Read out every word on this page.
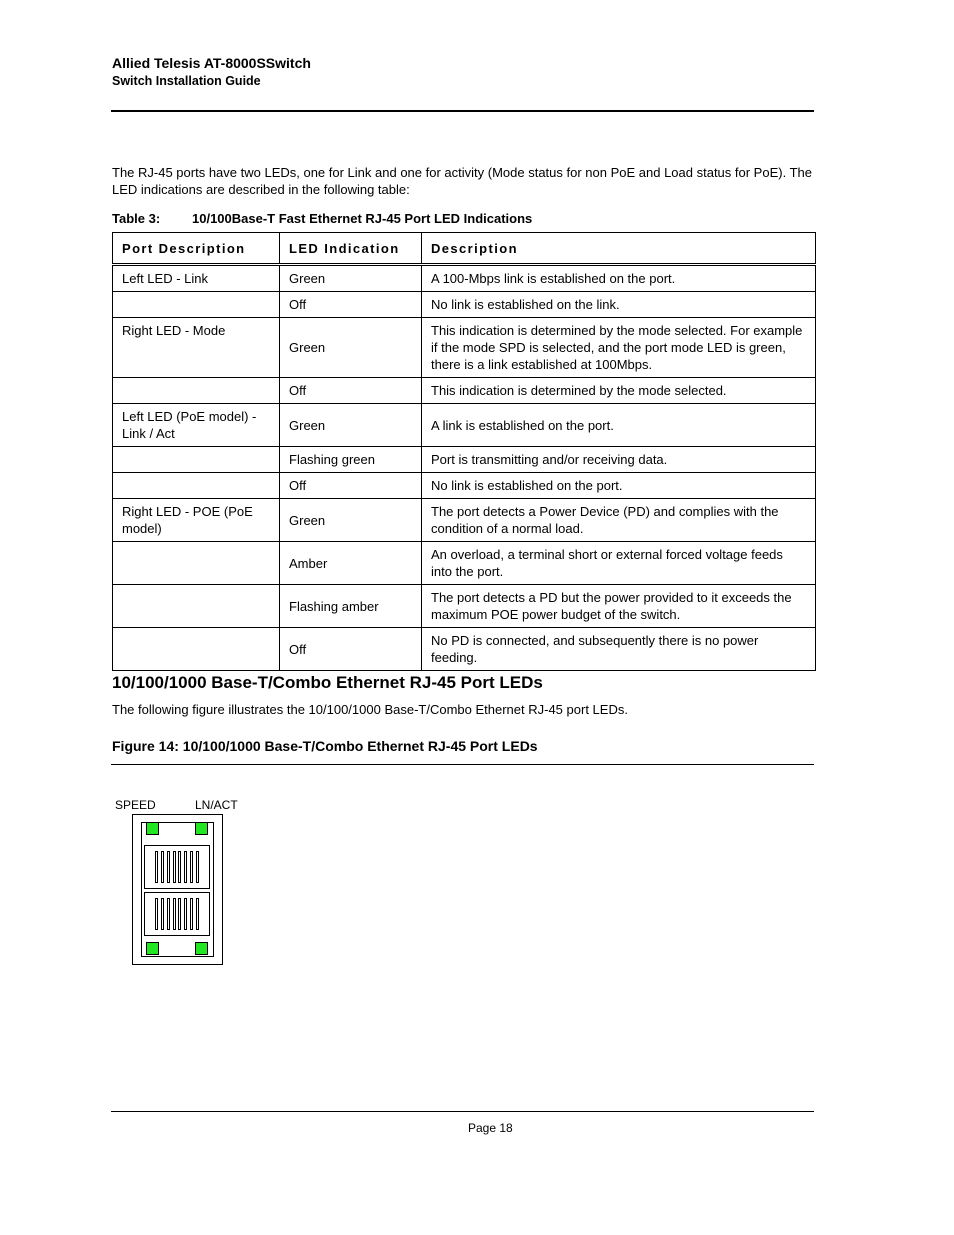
Allied Telesis AT-8000SSwitch
Switch Installation Guide
The RJ-45 ports have two LEDs, one for Link and one for activity (Mode status for non PoE and Load status for PoE). The LED indications are described in the following table:
Table 3: 10/100Base-T Fast Ethernet RJ-45 Port LED Indications
Port Description	LED Indication	Description
Left LED - Link	Green	A 100-Mbps link is established on the port.
	Off	No link is established on the link.
Right LED - Mode	Green	This indication is determined by the mode selected. For example if the mode SPD is selected, and the port mode LED is green, there is a link established at 100Mbps.
	Off	This indication is determined by the mode selected.
Left LED (PoE model) - Link / Act	Green	A link is established on the port.
	Flashing green	Port is transmitting and/or receiving data.
	Off	No link is established on the port.
Right LED - POE (PoE model)	Green	The port detects a Power Device (PD) and complies with the condition of a normal load.
	Amber	An overload, a terminal short or external forced voltage feeds into the port.
	Flashing amber	The port detects a PD but the power provided to it exceeds the maximum POE power budget of the switch.
	Off	No PD is connected, and subsequently there is no power feeding.
10/100/1000 Base-T/Combo Ethernet RJ-45 Port LEDs
The following figure illustrates the 10/100/1000 Base-T/Combo Ethernet RJ-45 port LEDs.
Figure 14: 10/100/1000 Base-T/Combo Ethernet RJ-45 Port LEDs
SPEED	LN/ACT
Page 18
